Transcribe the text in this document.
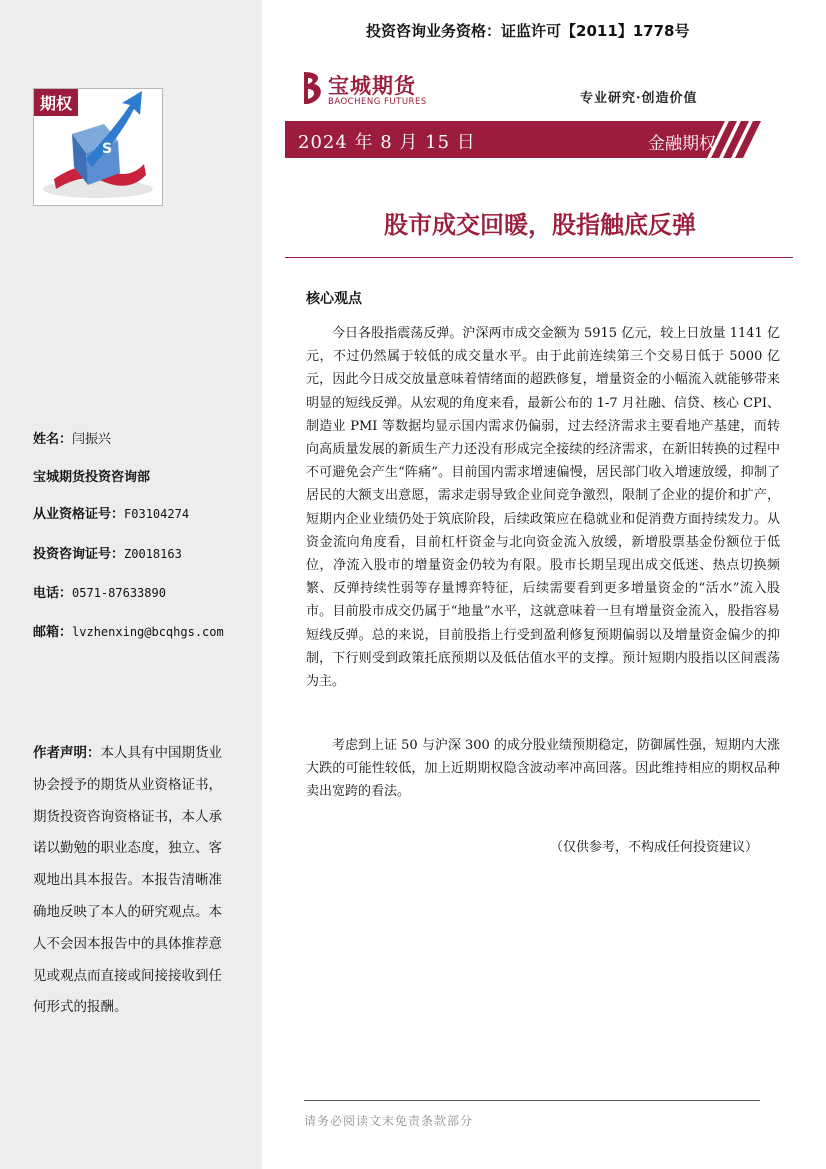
S
期权
姓名：闫振兴
宝城期货投资咨询部
从业资格证号：F03104274
投资咨询证号：Z0018163
电话：0571-87633890
邮箱：lvzhenxing@bcqhgs.com
作者声明：本人具有中国期货业协会授予的期货从业资格证书，期货投资咨询资格证书，本人承诺以勤勉的职业态度，独立、客观地出具本报告。本报告清晰准确地反映了本人的研究观点。本人不会因本报告中的具体推荐意见或观点而直接或间接接收到任何形式的报酬。
投资咨询业务资格：证监许可【2011】1778号
宝城期货
BAOCHENG FUTURES	专业研究·创造价值
2024 年 8 月 15 日	金融期权
股市成交回暖，股指触底反弹
核心观点

今日各股指震荡反弹。沪深两市成交金额为 5915 亿元，较上日放量 1141 亿元，不过仍然属于较低的成交量水平。由于此前连续第三个交易日低于 5000 亿元，因此今日成交放量意味着情绪面的超跌修复，增量资金的小幅流入就能够带来明显的短线反弹。从宏观的角度来看，最新公布的 1-7 月社融、信贷、核心 CPI、制造业 PMI 等数据均显示国内需求仍偏弱，过去经济需求主要看地产基建，而转向高质量发展的新质生产力还没有形成完全接续的经济需求，在新旧转换的过程中不可避免会产生“阵痛”。目前国内需求增速偏慢，居民部门收入增速放缓，抑制了居民的大额支出意愿，需求走弱导致企业间竞争激烈，限制了企业的提价和扩产，短期内企业业绩仍处于筑底阶段，后续政策应在稳就业和促消费方面持续发力。从资金流向角度看，目前杠杆资金与北向资金流入放缓，新增股票基金份额位于低位，净流入股市的增量资金仍较为有限。股市长期呈现出成交低迷、热点切换频繁、反弹持续性弱等存量博弈特征，后续需要看到更多增量资金的“活水”流入股市。目前股市成交仍属于“地量”水平，这就意味着一旦有增量资金流入，股指容易短线反弹。总的来说，目前股指上行受到盈利修复预期偏弱以及增量资金偏少的抑制，下行则受到政策托底预期以及低估值水平的支撑。预计短期内股指以区间震荡为主。

考虑到上证 50 与沪深 300 的成分股业绩预期稳定，防御属性强，短期内大涨大跌的可能性较低，加上近期期权隐含波动率冲高回落。因此维持相应的期权品种卖出宽跨的看法。

（仅供参考，不构成任何投资建议）
请务必阅读文末免责条款部分
